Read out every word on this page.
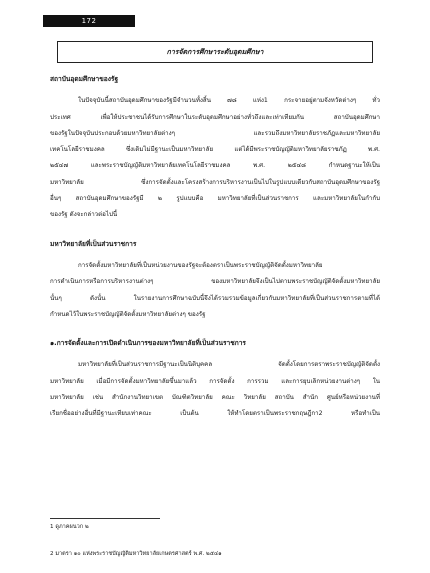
172
การจัดการศึกษาระดับอุดมศึกษา
สถาบันอุดมศึกษาของรัฐ
ในปัจจุบันนี้สถาบันอุดมศึกษาของรัฐมีจำนวนทั้งสิ้น ๗๘ แห่ง1 กระจายอยู่ตามจังหวัดต่างๆ ทั่ว
ประเทศ เพื่อให้ประชาชนได้รับการศึกษาในระดับอุดมศึกษาอย่างทั่วถึงและเท่าเทียมกัน สถาบันอุดมศึกษา
ของรัฐในปัจจุบันประกอบด้วยมหาวิทยาลัยต่างๆ และรวมถึงมหาวิทยาลัยราชภัฏและมหาวิทยาลัย
เทคโนโลยีราชมงคล ซึ่งเดิมไม่มีฐานะเป็นมหาวิทยาลัย แต่ได้มีพระราชบัญญัติมหาวิทยาลัยราชภัฏ พ.ศ.
๒๕๔๗ และพระราชบัญญัติมหาวิทยาลัยเทคโนโลยีราชมงคล พ.ศ. ๒๕๔๘ กำหนดฐานะให้เป็น
มหาวิทยาลัย ซึ่งการจัดตั้งและโครงสร้างการบริหารงานเป็นไปในรูปแบบเดียวกับสถาบันอุดมศึกษาของรัฐ
อื่นๆ สถาบันอุดมศึกษาของรัฐมี ๒ รูปแบบคือ มหาวิทยาลัยที่เป็นส่วนราชการ และมหาวิทยาลัยในกำกับ
ของรัฐ ดังจะกล่าวต่อไปนี้
มหาวิทยาลัยที่เป็นส่วนราชการ
การจัดตั้งมหาวิทยาลัยที่เป็นหน่วยงานของรัฐจะต้องตราเป็นพระราชบัญญัติจัดตั้งมหาวิทยาลัย
การดำเนินการหรือการบริหารงานต่างๆ ของมหาวิทยาลัยจึงเป็นไปตามพระราชบัญญัติจัดตั้งมหาวิทยาลัย
นั้นๆ ดังนั้น ในรายงานการศึกษาฉบับนี้จึงได้รวมรวมข้อมูลเกี่ยวกับมหาวิทยาลัยที่เป็นส่วนราชการตามที่ได้
กำหนดไว้ในพระราชบัญญัติจัดตั้งมหาวิทยาลัยต่างๆ ของรัฐ
๑.การจัดตั้งและการเปิดดำเนินการของมหาวิทยาลัยที่เป็นส่วนราชการ
มหาวิทยาลัยที่เป็นส่วนราชการมีฐานะเป็นนิติบุคคล จัดตั้งโดยการตราพระราชบัญญัติจัดตั้ง
มหาวิทยาลัย เมื่อมีการจัดตั้งมหาวิทยาลัยขึ้นมาแล้ว การจัดตั้ง การรวม และการยุบเลิกหน่วยงานต่างๆ ใน
มหาวิทยาลัย เช่น สำนักงานวิทยาเขต บัณฑิตวิทยาลัย คณะ วิทยาลัย สถาบัน สำนัก ศูนย์หรือหน่วยงานที่
เรียกชื่ออย่างอื่นที่มีฐานะเทียบเท่าคณะ เป็นต้น ให้ทำโดยตราเป็นพระราชกฤษฎีกา2 หรือทำเป็น
1 ดูภาคผนวก ๒
2 มาตรา ๑๐ แห่งพระราชบัญญัติมหาวิทยาลัยเกษตรศาสตร์ พ.ศ. ๒๕๔๑
